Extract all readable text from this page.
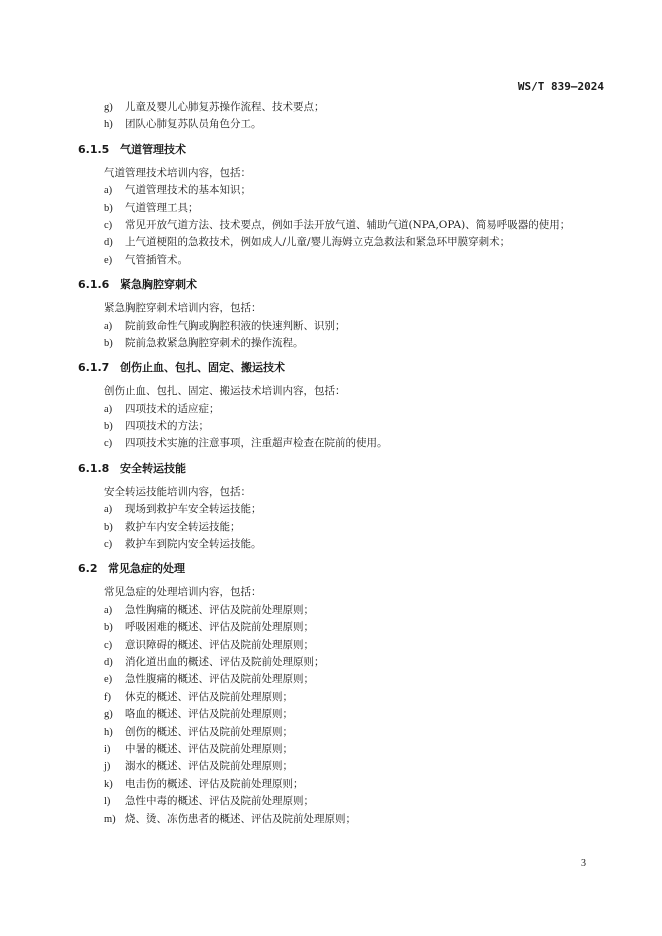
WS/T 839—2024
g) 儿童及婴儿心肺复苏操作流程、技术要点；
h) 团队心肺复苏队员角色分工。
6.1.5 气道管理技术
气道管理技术培训内容，包括：
a) 气道管理技术的基本知识；
b) 气道管理工具；
c) 常见开放气道方法、技术要点，例如手法开放气道、辅助气道(NPA,OPA)、简易呼吸器的使用；
d) 上气道梗阻的急救技术，例如成人/儿童/婴儿海姆立克急救法和紧急环甲膜穿刺术；
e) 气管插管术。
6.1.6 紧急胸腔穿刺术
紧急胸腔穿刺术培训内容，包括：
a) 院前致命性气胸或胸腔积液的快速判断、识别；
b) 院前急救紧急胸腔穿刺术的操作流程。
6.1.7 创伤止血、包扎、固定、搬运技术
创伤止血、包扎、固定、搬运技术培训内容，包括：
a) 四项技术的适应症；
b) 四项技术的方法；
c) 四项技术实施的注意事项，注重超声检查在院前的使用。
6.1.8 安全转运技能
安全转运技能培训内容，包括：
a) 现场到救护车安全转运技能；
b) 救护车内安全转运技能；
c) 救护车到院内安全转运技能。
6.2 常见急症的处理
常见急症的处理培训内容，包括：
a) 急性胸痛的概述、评估及院前处理原则；
b) 呼吸困难的概述、评估及院前处理原则；
c) 意识障碍的概述、评估及院前处理原则；
d) 消化道出血的概述、评估及院前处理原则；
e) 急性腹痛的概述、评估及院前处理原则；
f) 休克的概述、评估及院前处理原则；
g) 咯血的概述、评估及院前处理原则；
h) 创伤的概述、评估及院前处理原则；
i) 中暑的概述、评估及院前处理原则；
j) 溺水的概述、评估及院前处理原则；
k) 电击伤的概述、评估及院前处理原则；
l) 急性中毒的概述、评估及院前处理原则；
m) 烧、烫、冻伤患者的概述、评估及院前处理原则；
3
